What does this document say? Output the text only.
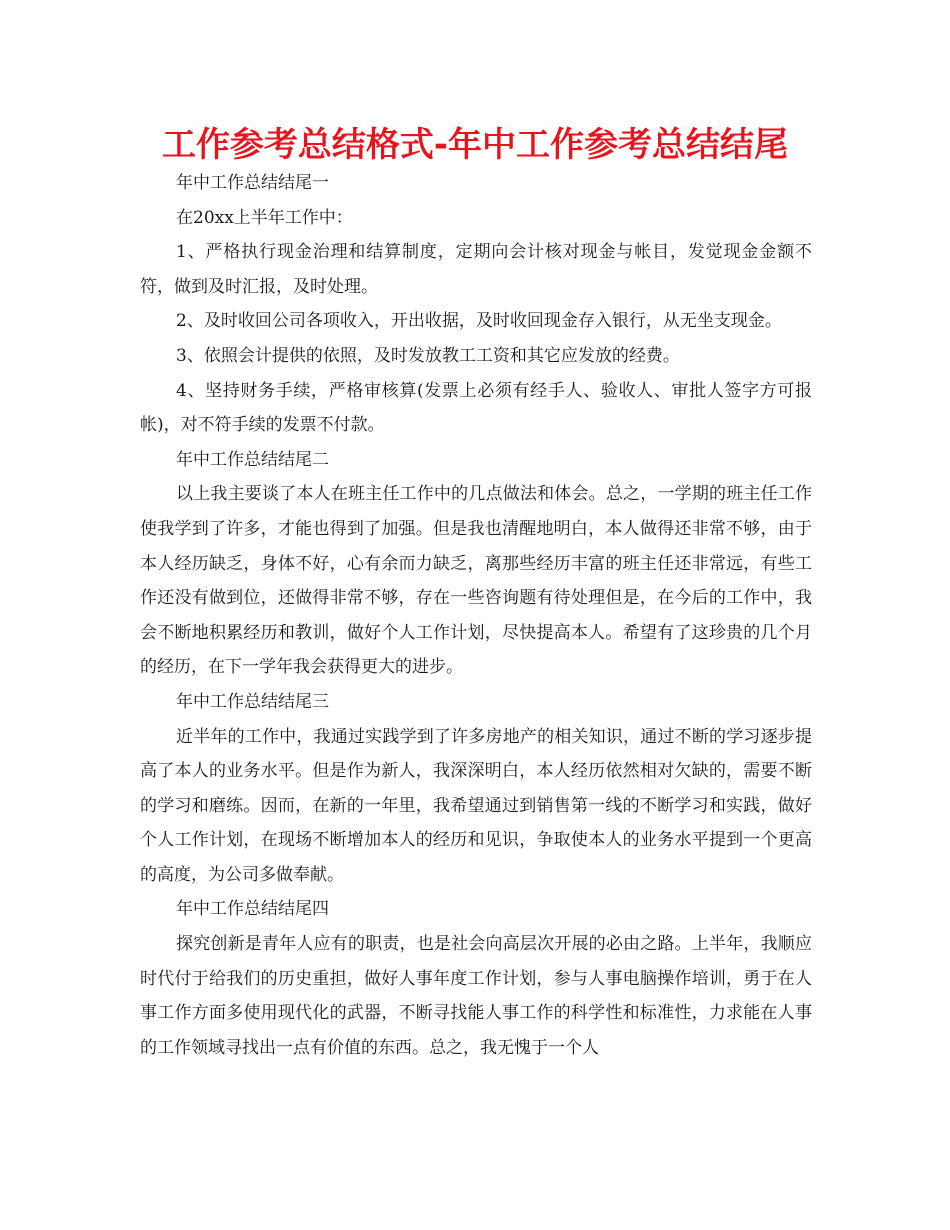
工作参考总结格式-年中工作参考总结结尾

年中工作总结结尾一

在20xx上半年工作中：

1、严格执行现金治理和结算制度，定期向会计核对现金与帐目，发觉现金金额不符，做到及时汇报，及时处理。

2、及时收回公司各项收入，开出收据，及时收回现金存入银行，从无坐支现金。

3、依照会计提供的依照，及时发放教工工资和其它应发放的经费。

4、坚持财务手续，严格审核算(发票上必须有经手人、验收人、审批人签字方可报帐)，对不符手续的发票不付款。

年中工作总结结尾二

以上我主要谈了本人在班主任工作中的几点做法和体会。总之，一学期的班主任工作使我学到了许多，才能也得到了加强。但是我也清醒地明白，本人做得还非常不够，由于本人经历缺乏，身体不好，心有余而力缺乏，离那些经历丰富的班主任还非常远，有些工作还没有做到位，还做得非常不够，存在一些咨询题有待处理但是，在今后的工作中，我会不断地积累经历和教训，做好个人工作计划，尽快提高本人。希望有了这珍贵的几个月的经历，在下一学年我会获得更大的进步。

年中工作总结结尾三

近半年的工作中，我通过实践学到了许多房地产的相关知识，通过不断的学习逐步提高了本人的业务水平。但是作为新人，我深深明白，本人经历依然相对欠缺的，需要不断的学习和磨练。因而，在新的一年里，我希望通过到销售第一线的不断学习和实践，做好个人工作计划，在现场不断增加本人的经历和见识，争取使本人的业务水平提到一个更高的高度，为公司多做奉献。

年中工作总结结尾四

探究创新是青年人应有的职责，也是社会向高层次开展的必由之路。上半年，我顺应时代付于给我们的历史重担，做好人事年度工作计划，参与人事电脑操作培训，勇于在人事工作方面多使用现代化的武器，不断寻找能人事工作的科学性和标准性，力求能在人事的工作领域寻找出一点有价值的东西。总之，我无愧于一个人
